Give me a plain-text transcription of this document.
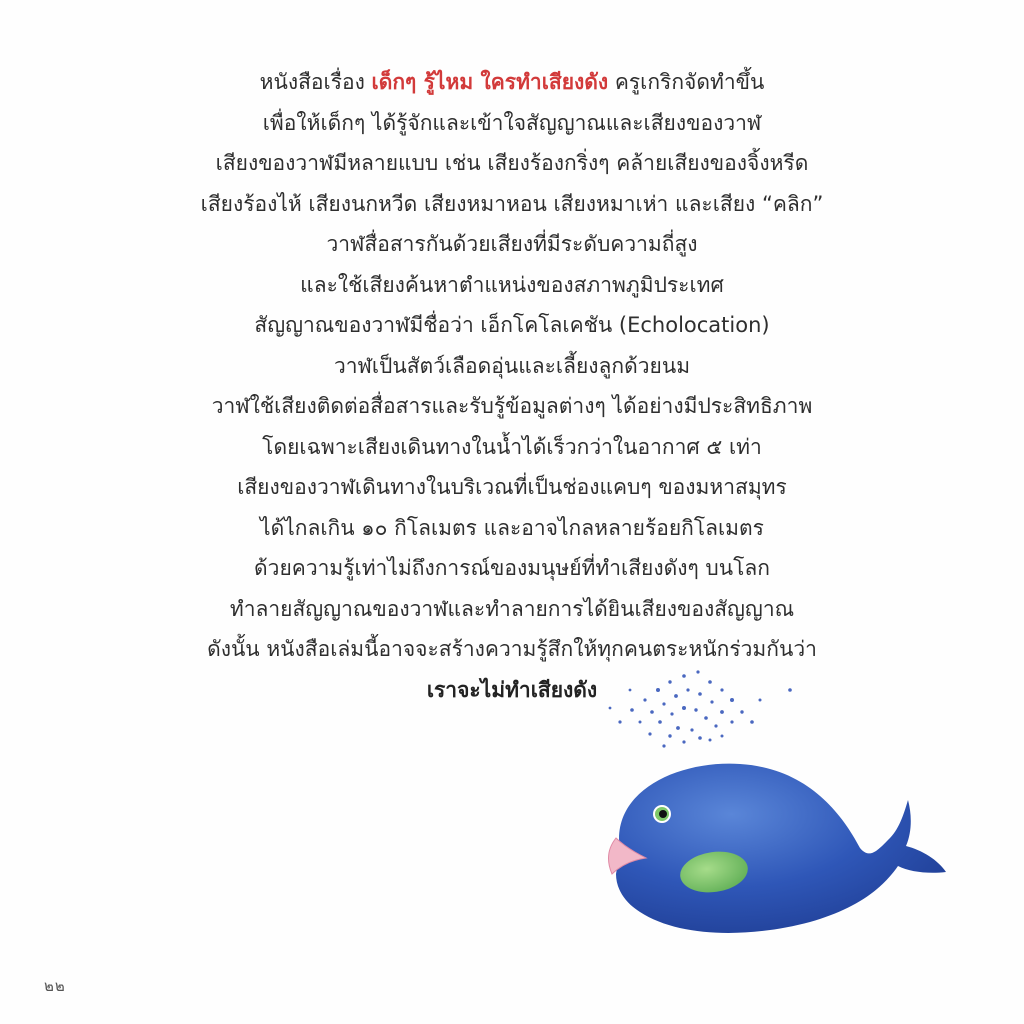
หนังสือเรื่อง เด็กๆ รู้ไหม ใครทำเสียงดัง ครูเกริกจัดทำขึ้น
เพื่อให้เด็กๆ ได้รู้จักและเข้าใจสัญญาณและเสียงของวาฬ
เสียงของวาฬมีหลายแบบ เช่น เสียงร้องกริ่งๆ คล้ายเสียงของจิ้งหรีด
เสียงร้องไห้ เสียงนกหวีด เสียงหมาหอน เสียงหมาเห่า และเสียง “คลิก”
วาฬสื่อสารกันด้วยเสียงที่มีระดับความถี่สูง
และใช้เสียงค้นหาตำแหน่งของสภาพภูมิประเทศ
สัญญาณของวาฬมีชื่อว่า เอ็กโคโลเคชัน (Echolocation)
วาฬเป็นสัตว์เลือดอุ่นและเลี้ยงลูกด้วยนม
วาฬใช้เสียงติดต่อสื่อสารและรับรู้ข้อมูลต่างๆ ได้อย่างมีประสิทธิภาพ
โดยเฉพาะเสียงเดินทางในน้ำได้เร็วกว่าในอากาศ ๕ เท่า
เสียงของวาฬเดินทางในบริเวณที่เป็นช่องแคบๆ ของมหาสมุทร
ได้ไกลเกิน ๑๐ กิโลเมตร และอาจไกลหลายร้อยกิโลเมตร
ด้วยความรู้เท่าไม่ถึงการณ์ของมนุษย์ที่ทำเสียงดังๆ บนโลก
ทำลายสัญญาณของวาฬและทำลายการได้ยินเสียงของสัญญาณ
ดังนั้น หนังสือเล่มนี้อาจจะสร้างความรู้สึกให้ทุกคนตระหนักร่วมกันว่า
เราจะไม่ทำเสียงดัง
๒๒
